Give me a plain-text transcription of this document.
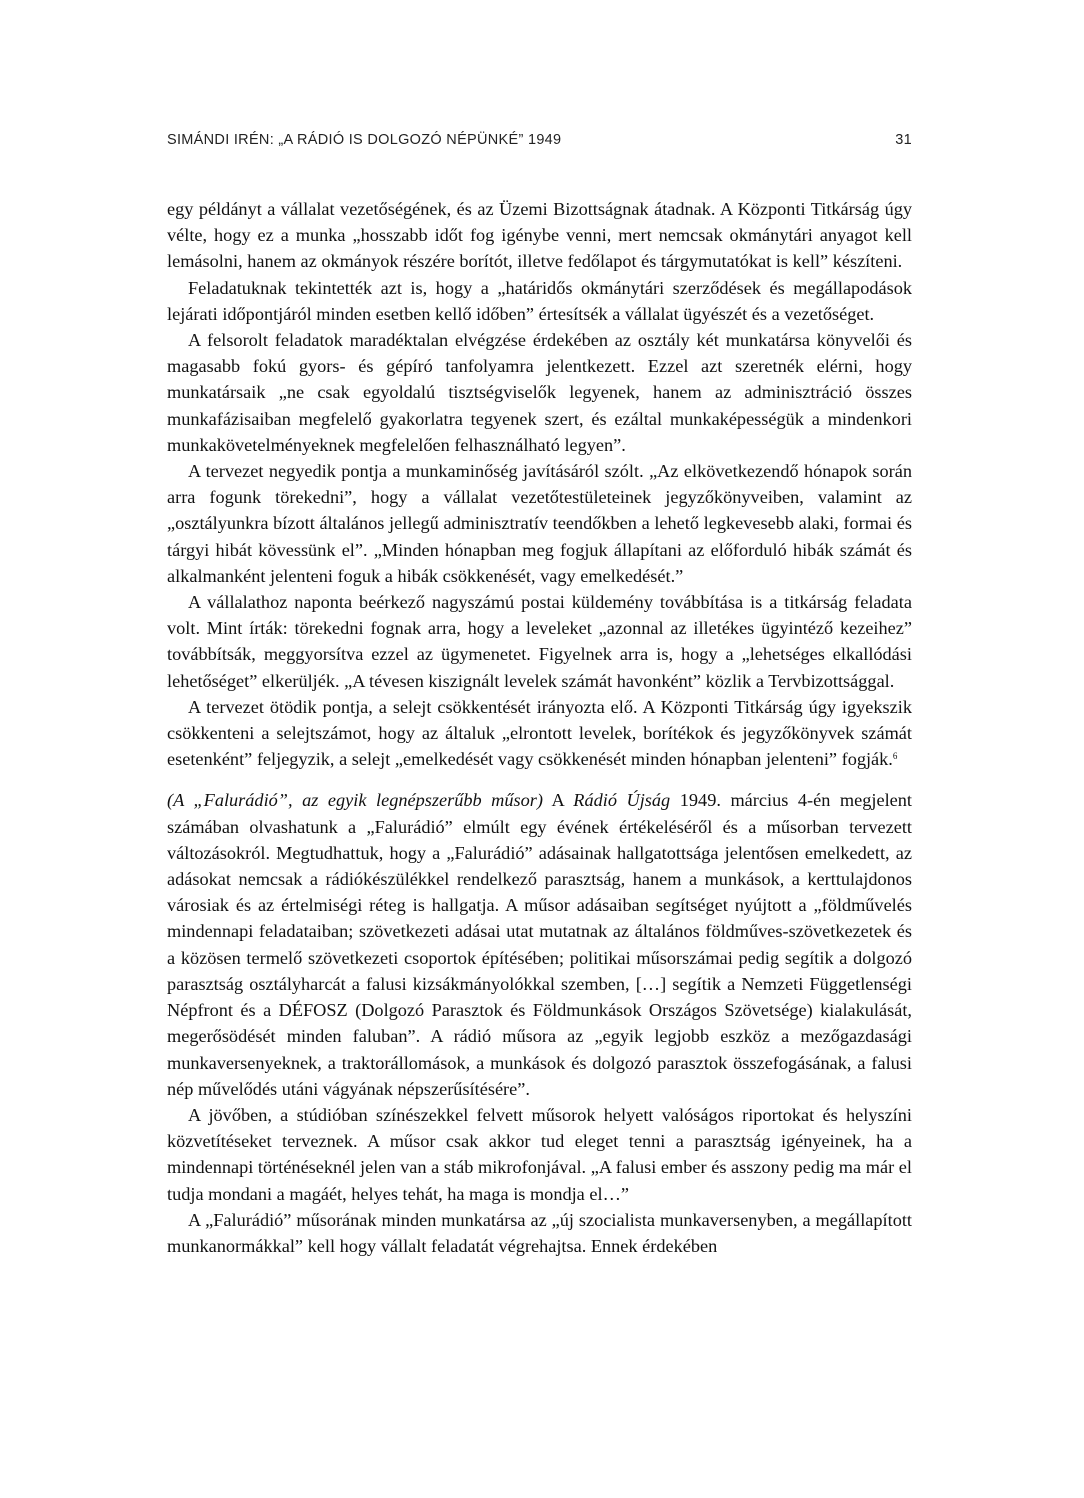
SIMÁNDI IRÉN: „A RÁDIÓ IS DOLGOZÓ NÉPÜNKÉ” 1949	31

egy példányt a vállalat vezetőségének, és az Üzemi Bizottságnak átadnak. A Központi Titkárság úgy vélte, hogy ez a munka „hosszabb időt fog igénybe venni, mert nemcsak okmánytári anyagot kell lemásolni, hanem az okmányok részére borítót, illetve fedőlapot és tárgymutatókat is kell” készíteni.

Feladatuknak tekintették azt is, hogy a „határidős okmánytári szerződések és megállapodások lejárati időpontjáról minden esetben kellő időben” értesítsék a vállalat ügyészét és a vezetőséget.

A felsorolt feladatok maradéktalan elvégzése érdekében az osztály két munkatársa könyvelői és magasabb fokú gyors- és gépíró tanfolyamra jelentkezett. Ezzel azt szeretnék elérni, hogy munkatársaik „ne csak egyoldalú tisztségviselők legyenek, hanem az adminisztráció összes munkafázisaiban megfelelő gyakorlatra tegyenek szert, és ezáltal munkaképességük a mindenkori munkakövetelményeknek megfelelően felhasználható legyen”.

A tervezet negyedik pontja a munkaminőség javításáról szólt. „Az elkövetkezendő hónapok során arra fogunk törekedni”, hogy a vállalat vezetőtestületeinek jegyzőkönyveiben, valamint az „osztályunkra bízott általános jellegű adminisztratív teendőkben a lehető legkevesebb alaki, formai és tárgyi hibát kövessünk el”. „Minden hónapban meg fogjuk állapítani az előforduló hibák számát és alkalmanként jelenteni foguk a hibák csökkenését, vagy emelkedését.”

A vállalathoz naponta beérkező nagyszámú postai küldemény továbbítása is a titkárság feladata volt. Mint írták: törekedni fognak arra, hogy a leveleket „azonnal az illetékes ügyintéző kezeihez” továbbítsák, meggyorsítva ezzel az ügymenetet. Figyelnek arra is, hogy a „lehetséges elkallódási lehetőséget” elkerüljék. „A tévesen kiszignált levelek számát havonként” közlik a Tervbizottsággal.

A tervezet ötödik pontja, a selejt csökkentését irányozta elő. A Központi Titkárság úgy igyekszik csökkenteni a selejtszámot, hogy az általuk „elrontott levelek, borítékok és jegyzőkönyvek számát esetenként” feljegyzik, a selejt „emelkedését vagy csökkenését minden hónapban jelenteni” fogják.$^6$

(A „Falurádió”, az egyik legnépszerűbb műsor) A Rádió Újság 1949. március 4-én megjelent számában olvashatunk a „Falurádió” elmúlt egy évének értékeléséről és a műsorban tervezett változásokról. Megtudhattuk, hogy a „Falurádió” adásainak hallgatottsága jelentősen emelkedett, az adásokat nemcsak a rádiókészülékkel rendelkező parasztság, hanem a munkások, a kerttulajdonos városiak és az értelmiségi réteg is hallgatja. A műsor adásaiban segítséget nyújtott a „földművelés mindennapi feladataiban; szövetkezeti adásai utat mutatnak az általános földműves-szövetkezetek és a közösen termelő szövetkezeti csoportok építésében; politikai műsorszámai pedig segítik a dolgozó parasztság osztályharcát a falusi kizsákmányolókkal szemben, […] segítik a Nemzeti Függetlenségi Népfront és a DÉFOSZ (Dolgozó Parasztok és Földmunkások Országos Szövetsége) kialakulását, megerősödését minden faluban”. A rádió műsora az „egyik legjobb eszköz a mezőgazdasági munkaversenyeknek, a traktorállomások, a munkások és dolgozó parasztok összefogásának, a falusi nép művelődés utáni vágyának népszerűsítésére”.

A jövőben, a stúdióban színészekkel felvett műsorok helyett valóságos riportokat és helyszíni közvetítéseket terveznek. A műsor csak akkor tud eleget tenni a parasztság igényeinek, ha a mindennapi történéseknél jelen van a stáb mikrofonjával. „A falusi ember és asszony pedig ma már el tudja mondani a magáét, helyes tehát, ha maga is mondja el…”

A „Falurádió” műsorának minden munkatársa az „új szocialista munkaversenyben, a megállapított munkanormákkal” kell hogy vállalt feladatát végrehajtsa. Ennek érdekében
